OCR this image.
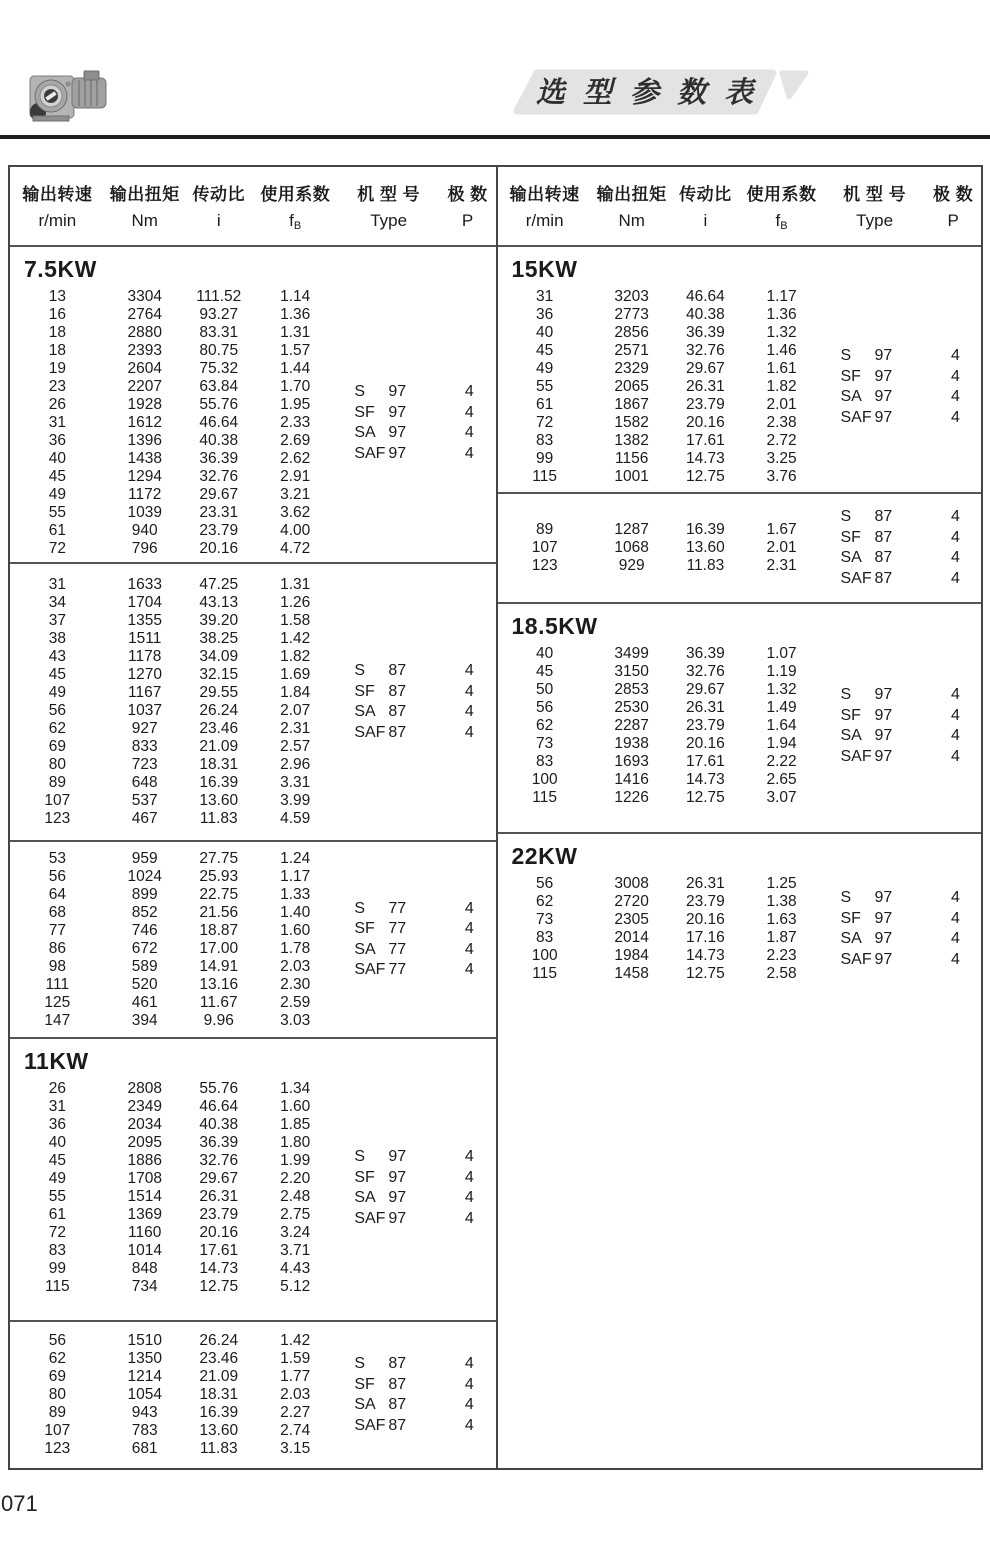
选 型 参 数 表
输出转速	输出扭矩 传动比 使用系数	机 型 号	极 数
r/min	Nm	i	$f_B$	Type	P
7.5KW
13	3304	111.52	1.14
16	2764	93.27	1.36
18	2880	83.31	1.31
18	2393	80.75	1.57
19	2604	75.32	1.44
23	2207	63.84	1.70
26	1928	55.76	1.95
31	1612	46.64	2.33
36	1396	40.38	2.69
40	1438	36.39	2.62
45	1294	32.76	2.91
49	1172	29.67	3.21
55	1039	23.31	3.62
61	940	23.79	4.00
72	796	20.16	4.72
S	97	4
SF 97	4
SA 97	4
SAF 97	4
31	1633	47.25	1.31
34	1704	43.13	1.26
37	1355	39.20	1.58
38	1511	38.25	1.42
43	1178	34.09	1.82
45	1270	32.15	1.69
49	1167	29.55	1.84
56	1037	26.24	2.07
62	927	23.46	2.31
69	833	21.09	2.57
80	723	18.31	2.96
89	648	16.39	3.31
107	537	13.60	3.99
123	467	11.83	4.59
S	87	4
SF 87	4
SA 87	4
SAF 87	4
53	959	27.75	1.24
56	1024	25.93	1.17
64	899	22.75	1.33
68	852	21.56	1.40
77	746	18.87	1.60
86	672	17.00	1.78
98	589	14.91	2.03
111	520	13.16	2.30
125	461	11.67	2.59
147	394	9.96	3.03
S	77	4
SF 77	4
SA 77	4
SAF 77	4
11KW
26	2808	55.76	1.34
31	2349	46.64	1.60
36	2034	40.38	1.85
40	2095	36.39	1.80
45	1886	32.76	1.99
49	1708	29.67	2.20
55	1514	26.31	2.48
61	1369	23.79	2.75
72	1160	20.16	3.24
83	1014	17.61	3.71
99	848	14.73	4.43
115	734	12.75	5.12
S	97	4
SF 97	4
SA 97	4
SAF 97	4
56	1510	26.24	1.42
62	1350	23.46	1.59
69	1214	21.09	1.77
80	1054	18.31	2.03
89	943	16.39	2.27
107	783	13.60	2.74
123	681	11.83	3.15
S	87	4
SF 87	4
SA 87	4
SAF 87	4
输出转速	输出扭矩 传动比 使用系数	机 型 号	极 数
r/min	Nm	i	$f_B$	Type	P
15KW
31	3203	46.64	1.17
36	2773	40.38	1.36
40	2856	36.39	1.32
45	2571	32.76	1.46
49	2329	29.67	1.61
55	2065	26.31	1.82
61	1867	23.79	2.01
72	1582	20.16	2.38
83	1382	17.61	2.72
99	1156	14.73	3.25
115	1001	12.75	3.76
S	97	4
SF 97	4
SA 97	4
SAF 97	4
89	1287	16.39	1.67
107	1068	13.60	2.01
123	929	11.83	2.31
S	87	4
SF 87	4
SA 87	4
SAF 87	4
18.5KW
40	3499	36.39	1.07
45	3150	32.76	1.19
50	2853	29.67	1.32
56	2530	26.31	1.49
62	2287	23.79	1.64
73	1938	20.16	1.94
83	1693	17.61	2.22
100	1416	14.73	2.65
115	1226	12.75	3.07
S	97	4
SF 97	4
SA 97	4
SAF 97	4
22KW
56	3008	26.31	1.25
62	2720	23.79	1.38
73	2305	20.16	1.63
83	2014	17.16	1.87
100	1984	14.73	2.23
115	1458	12.75	2.58
S	97	4
SF 97	4
SA 97	4
SAF 97	4
071
